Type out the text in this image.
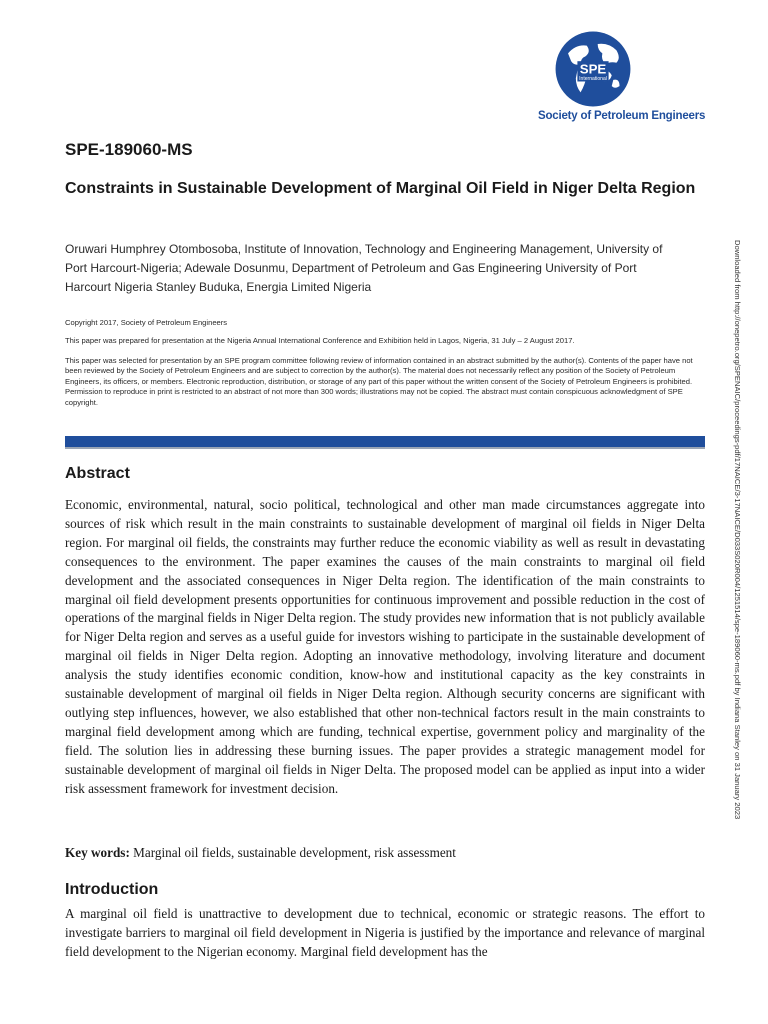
SPE
International
Society of Petroleum Engineers
SPE-189060-MS
Constraints in Sustainable Development of Marginal Oil Field in Niger Delta Region
Oruwari Humphrey Otombosoba, Institute of Innovation, Technology and Engineering Management, University of Port Harcourt-Nigeria; Adewale Dosunmu, Department of Petroleum and Gas Engineering University of Port Harcourt Nigeria Stanley Buduka, Energia Limited Nigeria
Copyright 2017, Society of Petroleum Engineers
This paper was prepared for presentation at the Nigeria Annual International Conference and Exhibition held in Lagos, Nigeria, 31 July – 2 August 2017.
This paper was selected for presentation by an SPE program committee following review of information contained in an abstract submitted by the author(s). Contents of the paper have not been reviewed by the Society of Petroleum Engineers and are subject to correction by the author(s). The material does not necessarily reflect any position of the Society of Petroleum Engineers, its officers, or members. Electronic reproduction, distribution, or storage of any part of this paper without the written consent of the Society of Petroleum Engineers is prohibited. Permission to reproduce in print is restricted to an abstract of not more than 300 words; illustrations may not be copied. The abstract must contain conspicuous acknowledgment of SPE copyright.
Abstract
Economic, environmental, natural, socio political, technological and other man made circumstances aggregate into sources of risk which result in the main constraints to sustainable development of marginal oil fields in Niger Delta region. For marginal oil fields, the constraints may further reduce the economic viability as well as result in devastating consequences to the environment. The paper examines the causes of the main constraints to marginal oil field development and the associated consequences in Niger Delta region. The identification of the main constraints to marginal oil field development presents opportunities for continuous improvement and possible reduction in the cost of operations of the marginal fields in Niger Delta region. The study provides new information that is not publicly available for Niger Delta region and serves as a useful guide for investors wishing to participate in the sustainable development of marginal oil fields in Niger Delta region. Adopting an innovative methodology, involving literature and document analysis the study identifies economic condition, know-how and institutional capacity as the key constraints in sustainable development of marginal oil fields in Niger Delta region. Although security concerns are significant with outlying step influences, however, we also established that other non-technical factors result in the main constraints to marginal field development among which are funding, technical expertise, government policy and marginality of the field. The solution lies in addressing these burning issues. The paper provides a strategic management model for sustainable development of marginal oil fields in Niger Delta. The proposed model can be applied as input into a wider risk assessment framework for investment decision.
Key words: Marginal oil fields, sustainable development, risk assessment
Introduction
A marginal oil field is unattractive to development due to technical, economic or strategic reasons. The effort to investigate barriers to marginal oil field development in Nigeria is justified by the importance and relevance of marginal field development to the Nigerian economy. Marginal field development has the
Downloaded from http://onepetro.org/SPENAIC/proceedings-pdf/17NAICE/3-17NAICE/D033S020R004/1251514/spe-189060-ms.pdf by Indiana Stanley on 31 January 2023
